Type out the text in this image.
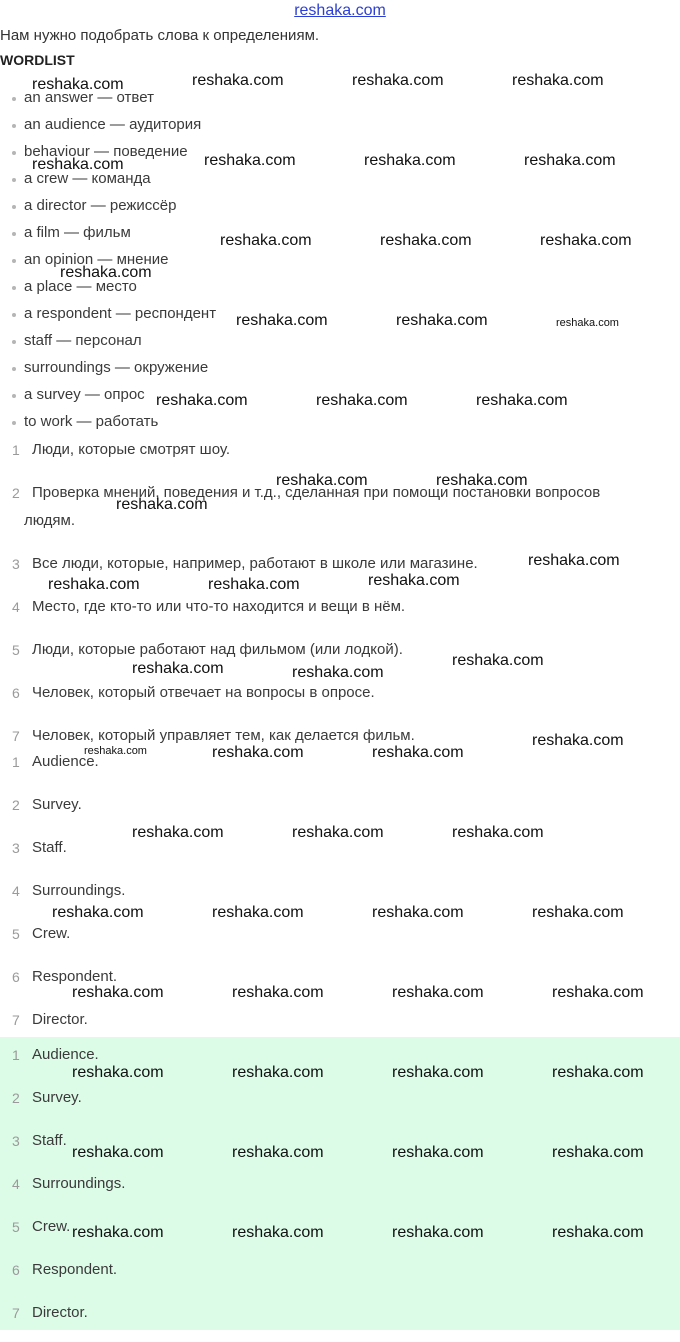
reshaka.com
Нам нужно подобрать слова к определениям.
WORDLIST
an answer — ответ
an audience — аудитория
behaviour — поведение
a crew — команда
a director — режиссёр
a film — фильм
an opinion — мнение
a place — место
a respondent — респондент
staff — персонал
surroundings — окружение
a survey — опрос
to work — работать
1 Люди, которые смотрят шоу.
2 Проверка мнений, поведения и т.д., сделанная при помощи постановки вопросов
людям.
3 Все люди, которые, например, работают в школе или магазине.
4 Место, где кто-то или что-то находится и вещи в нём.
5 Люди, которые работают над фильмом (или лодкой).
6 Человек, который отвечает на вопросы в опросе.
7 Человек, который управляет тем, как делается фильм.
1 Audience.
2 Survey.
3 Staff.
4 Surroundings.
5 Crew.
6 Respondent.
7 Director.
1 Audience.
2 Survey.
3 Staff.
4 Surroundings.
5 Crew.
6 Respondent.
7 Director.
reshaka.com	reshaka.com	reshaka.com	reshaka.com
reshaka.com	reshaka.com	reshaka.com	reshaka.com
reshaka.com	reshaka.com	reshaka.com
reshaka.com
reshaka.com	reshaka.com	reshaka.com
reshaka.com	reshaka.com	reshaka.com
reshaka.com	reshaka.com
reshaka.com
reshaka.com
reshaka.com
reshaka.com	reshaka.com
reshaka.com
reshaka.com	reshaka.com
reshaka.com
reshaka.com	reshaka.com	reshaka.com
reshaka.com	reshaka.com	reshaka.com
reshaka.com	reshaka.com	reshaka.com	reshaka.com
reshaka.com	reshaka.com	reshaka.com	reshaka.com
reshaka.com	reshaka.com	reshaka.com	reshaka.com
reshaka.com	reshaka.com	reshaka.com	reshaka.com
reshaka.com	reshaka.com	reshaka.com	reshaka.com
